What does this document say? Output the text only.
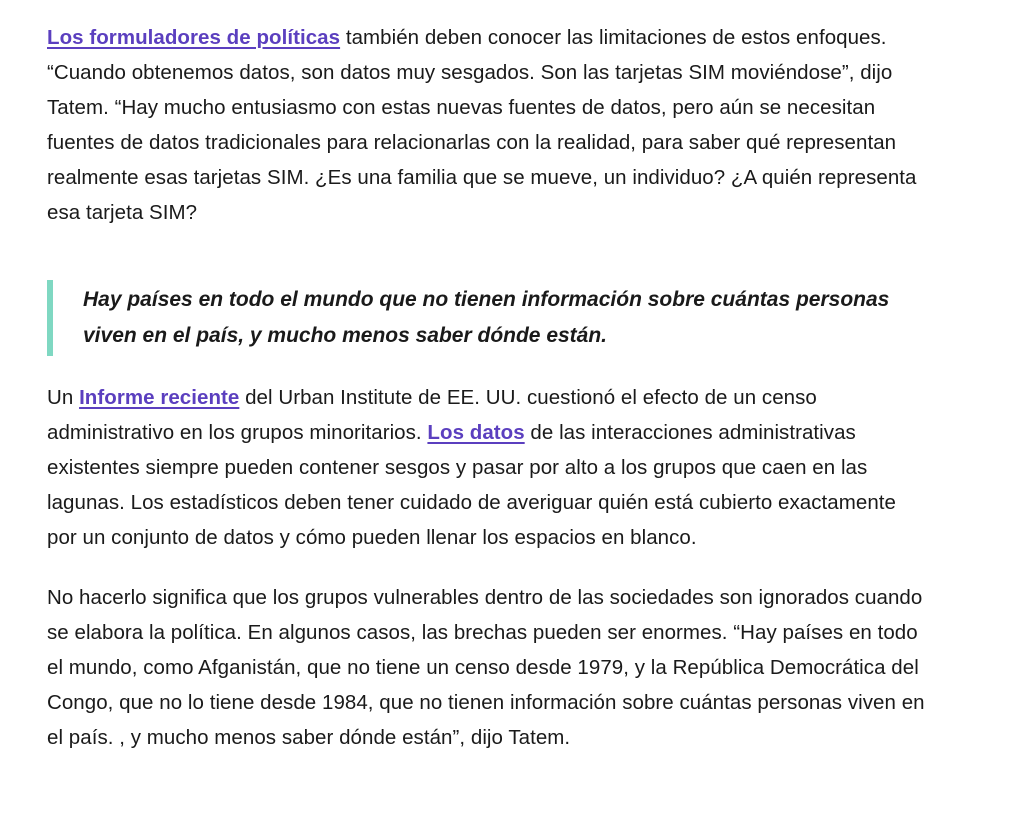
Los formuladores de políticas también deben conocer las limitaciones de estos enfoques. “Cuando obtenemos datos, son datos muy sesgados. Son las tarjetas SIM moviéndose”, dijo Tatem. “Hay mucho entusiasmo con estas nuevas fuentes de datos, pero aún se necesitan fuentes de datos tradicionales para relacionarlas con la realidad, para saber qué representan realmente esas tarjetas SIM. ¿Es una familia que se mueve, un individuo? ¿A quién representa esa tarjeta SIM?

Hay países en todo el mundo que no tienen información sobre cuántas personas viven en el país, y mucho menos saber dónde están.

Un Informe reciente del Urban Institute de EE. UU. cuestionó el efecto de un censo administrativo en los grupos minoritarios. Los datos de las interacciones administrativas existentes siempre pueden contener sesgos y pasar por alto a los grupos que caen en las lagunas. Los estadísticos deben tener cuidado de averiguar quién está cubierto exactamente por un conjunto de datos y cómo pueden llenar los espacios en blanco.

No hacerlo significa que los grupos vulnerables dentro de las sociedades son ignorados cuando se elabora la política. En algunos casos, las brechas pueden ser enormes. “Hay países en todo el mundo, como Afganistán, que no tiene un censo desde 1979, y la República Democrática del Congo, que no lo tiene desde 1984, que no tienen información sobre cuántas personas viven en el país. , y mucho menos saber dónde están”, dijo Tatem.
